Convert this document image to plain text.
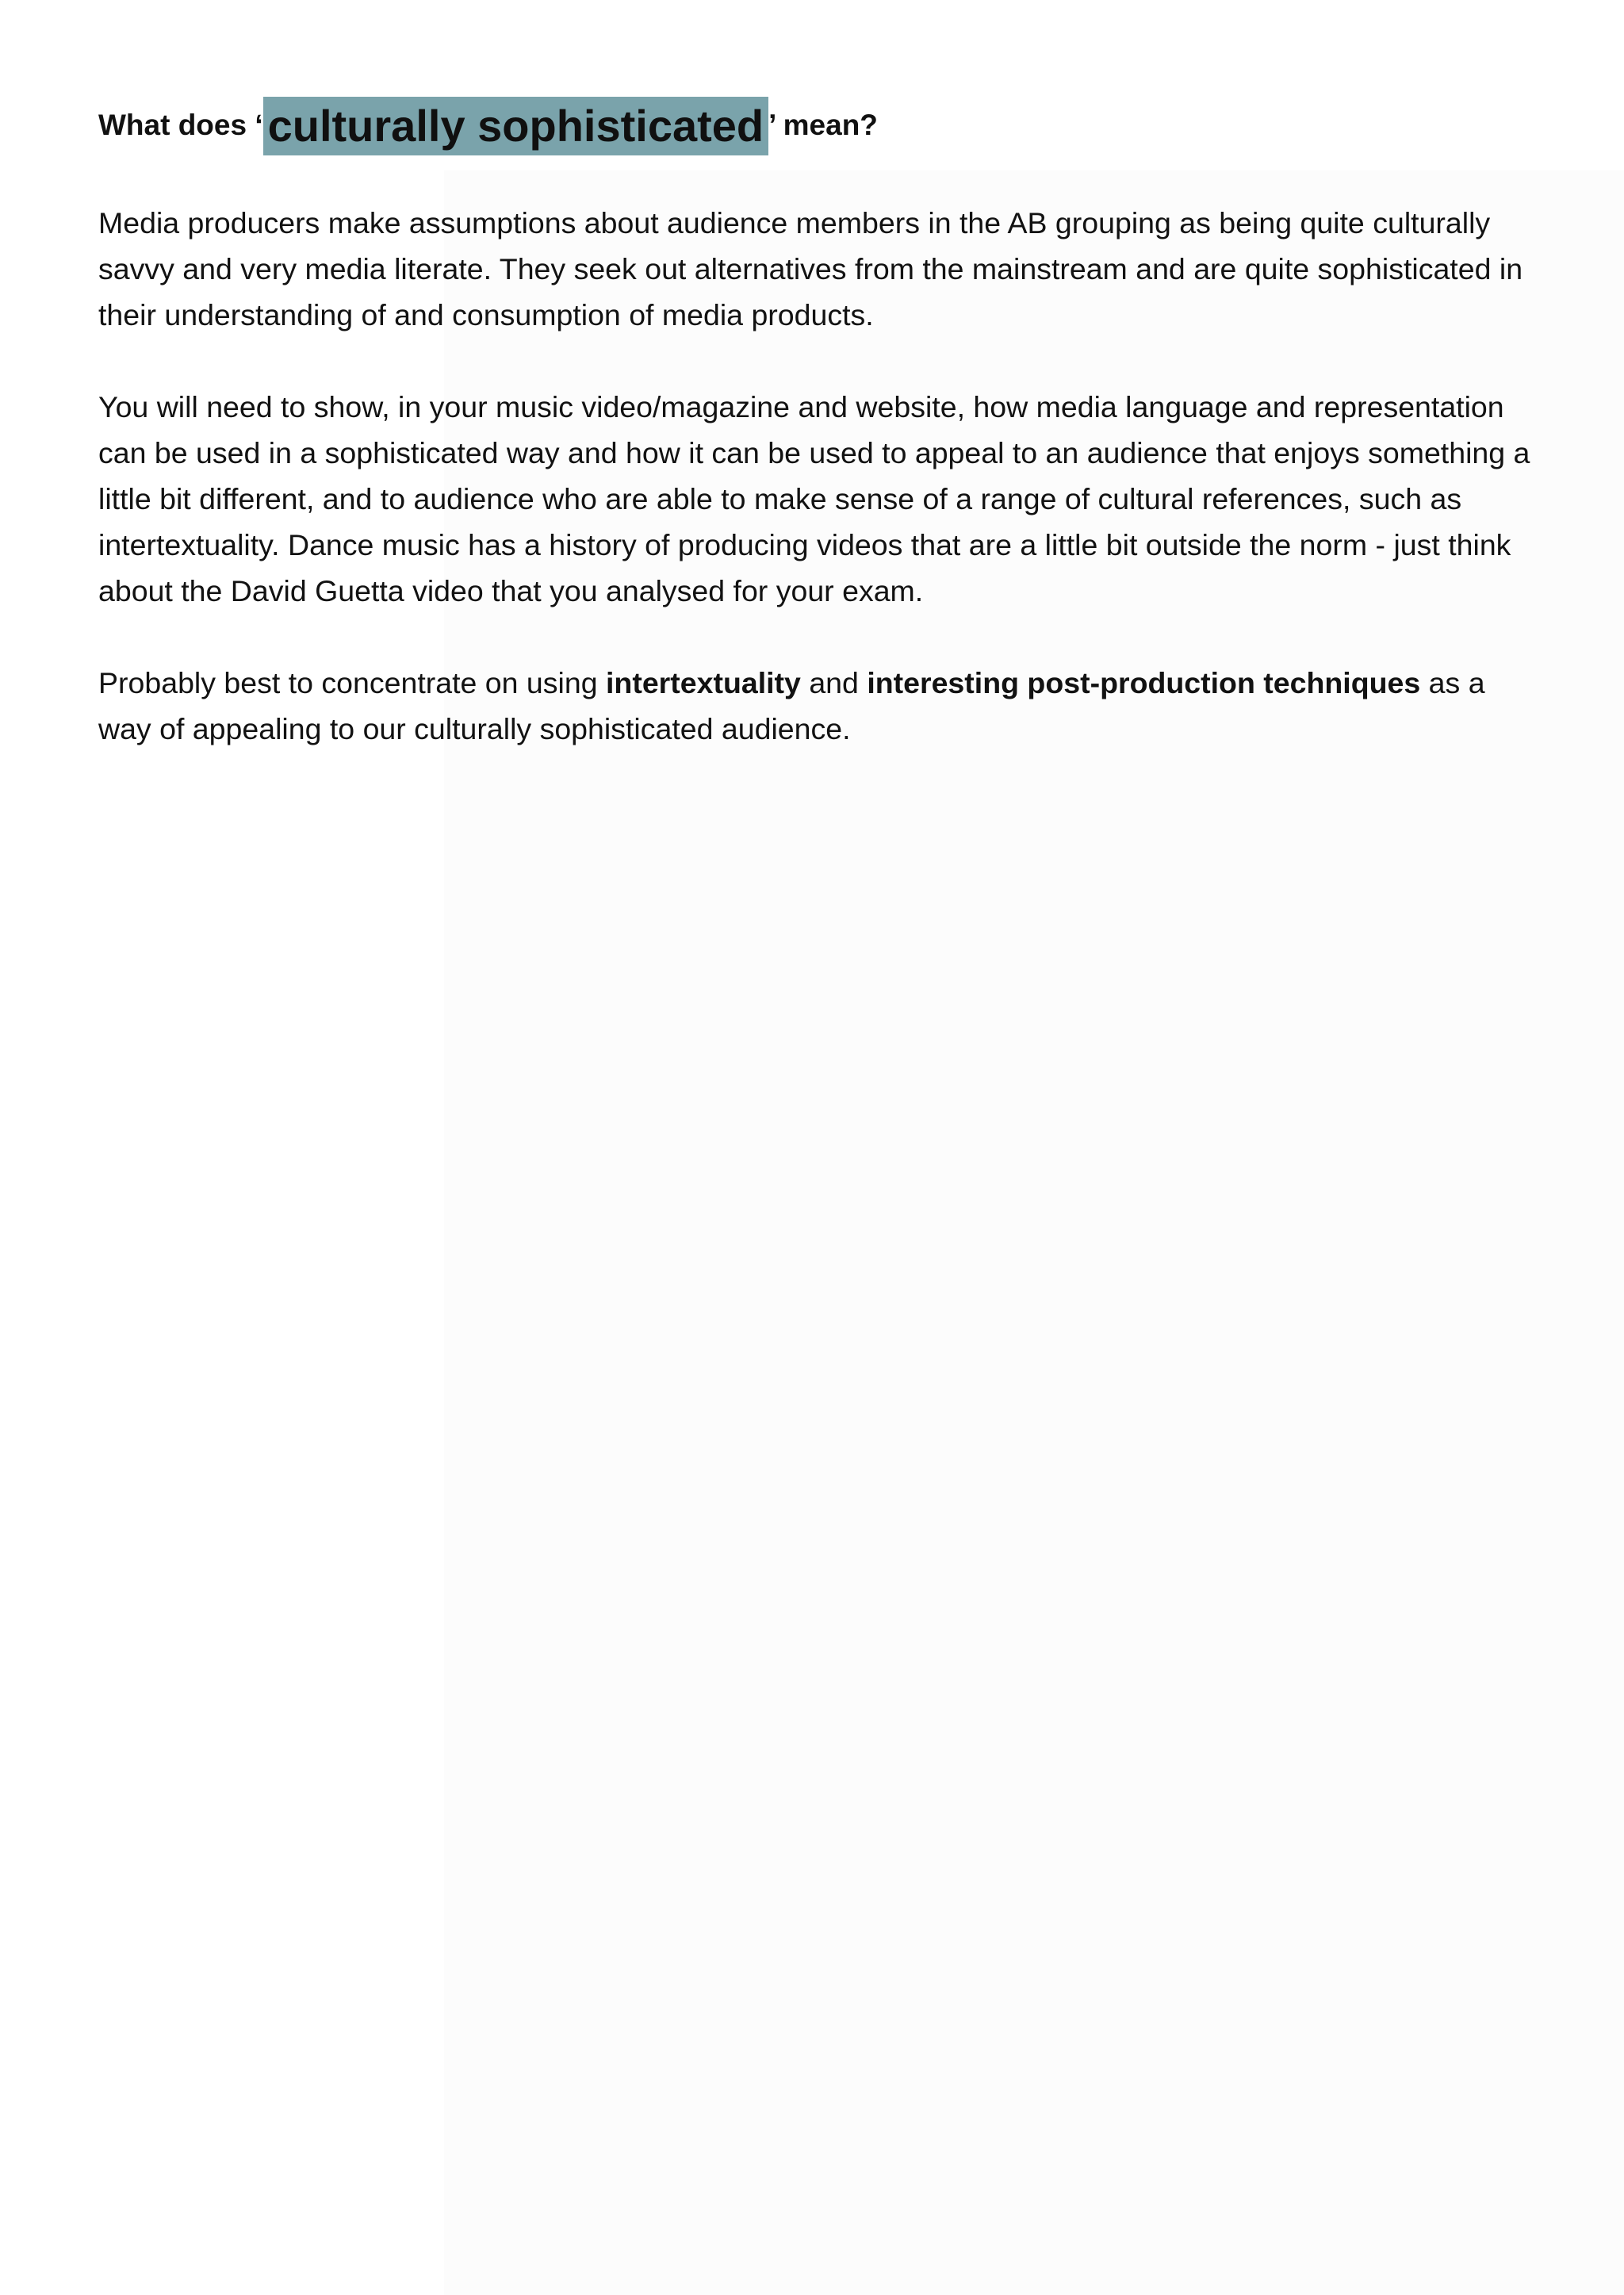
What does ‘ culturally sophisticated ’ mean?

Media producers make assumptions about audience members in the AB grouping as being quite culturally savvy and very media literate. They seek out alternatives from the mainstream and are quite sophisticated in their understanding of and consumption of media products.

You will need to show, in your music video/magazine and website, how media language and representation can be used in a sophisticated way and how it can be used to appeal to an audience that enjoys something a little bit different, and to audience who are able to make sense of a range of cultural references, such as intertextuality. Dance music has a history of producing videos that are a little bit outside the norm - just think about the David Guetta video that you analysed for your exam.

Probably best to concentrate on using intertextuality and interesting post-production techniques as a way of appealing to our culturally sophisticated audience.
